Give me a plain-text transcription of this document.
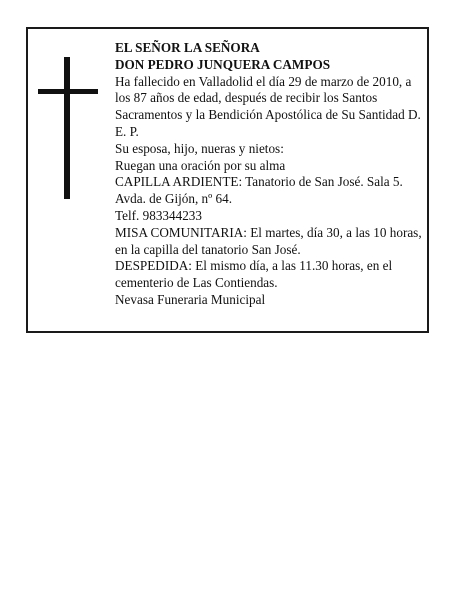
EL SEÑOR LA SEÑORA

DON PEDRO JUNQUERA CAMPOS

Ha fallecido en Valladolid el día 29 de marzo de 2010, a los 87 años de edad, después de recibir los Santos Sacramentos y la Bendición Apostólica de Su Santidad D. E. P.

Su esposa, hijo, nueras y nietos:

Ruegan una oración por su alma

CAPILLA ARDIENTE: Tanatorio de San José. Sala 5. Avda. de Gijón, nº 64.

Telf. 983344233

MISA COMUNITARIA: El martes, día 30, a las 10 horas, en la capilla del tanatorio San José.

DESPEDIDA: El mismo día, a las 11.30 horas, en el cementerio de Las Contiendas.

Nevasa Funeraria Municipal
